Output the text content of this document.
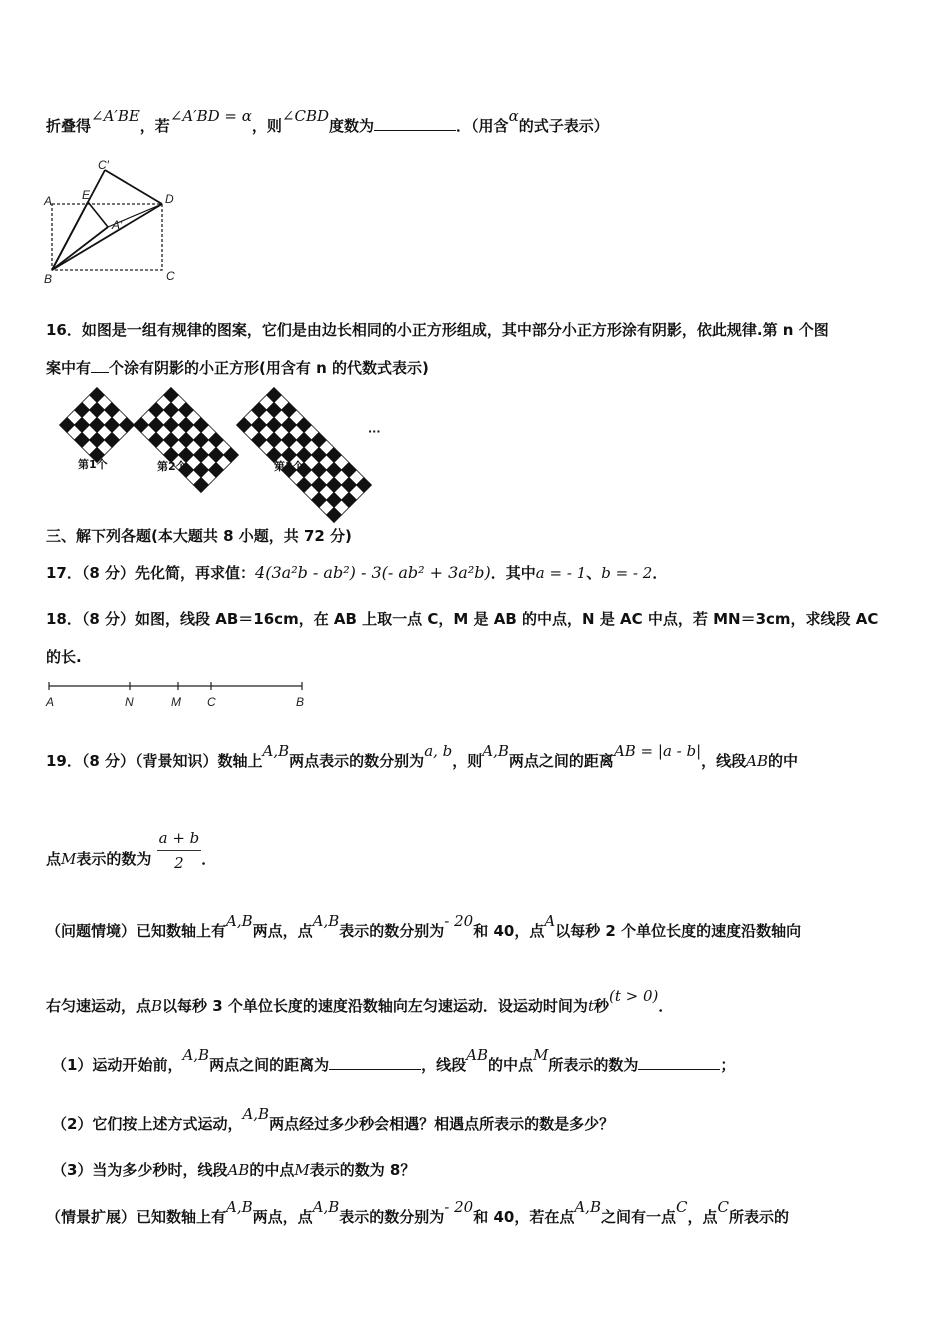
折叠得∠A′BE，若∠A′BD = α，则∠CBD度数为	．（用含α的式子表示）
A E
C′
D
A′
B	C
16．如图是一组有规律的图案，它们是由边长相同的小正方形组成，其中部分小正方形涂有阴影，依此规律.第 n 个图
案中有 个涂有阴影的小正方形(用含有 n 的代数式表示)
第1个	第2个	第3个
···
三、解下列各题(本大题共 8 小题，共 72 分)
17．（8 分）先化简，再求值：4(3a²b - ab²) - 3(- ab² + 3a²b)．其中a = - 1、b = - 2．
18．（8 分）如图，线段 AB＝16cm，在 AB 上取一点 C，M 是 AB 的中点，N 是 AC 中点，若 MN＝3cm，求线段 AC
的长.
A	N	M C	B
19．（8 分）（背景知识）数轴上A,B两点表示的数分别为a, b，则A,B两点之间的距离AB = |a - b|，线段AB的中
点M表示的数为 $\frac{a + b}{2}$ ．
（问题情境）已知数轴上有A,B两点，点A,B表示的数分别为- 20和 40，点A以每秒 2 个单位长度的速度沿数轴向
右匀速运动，点B以每秒 3 个单位长度的速度沿数轴向左匀速运动．设运动时间为t秒(t > 0)．
（1）运动开始前，A,B两点之间的距离为	，线段AB的中点M所表示的数为	；
（2）它们按上述方式运动，A,B两点经过多少秒会相遇？相遇点所表示的数是多少？
（3）当为多少秒时，线段AB的中点M表示的数为 8？
（情景扩展）已知数轴上有A,B两点，点A,B表示的数分别为- 20和 40，若在点A,B之间有一点C，点C所表示的
